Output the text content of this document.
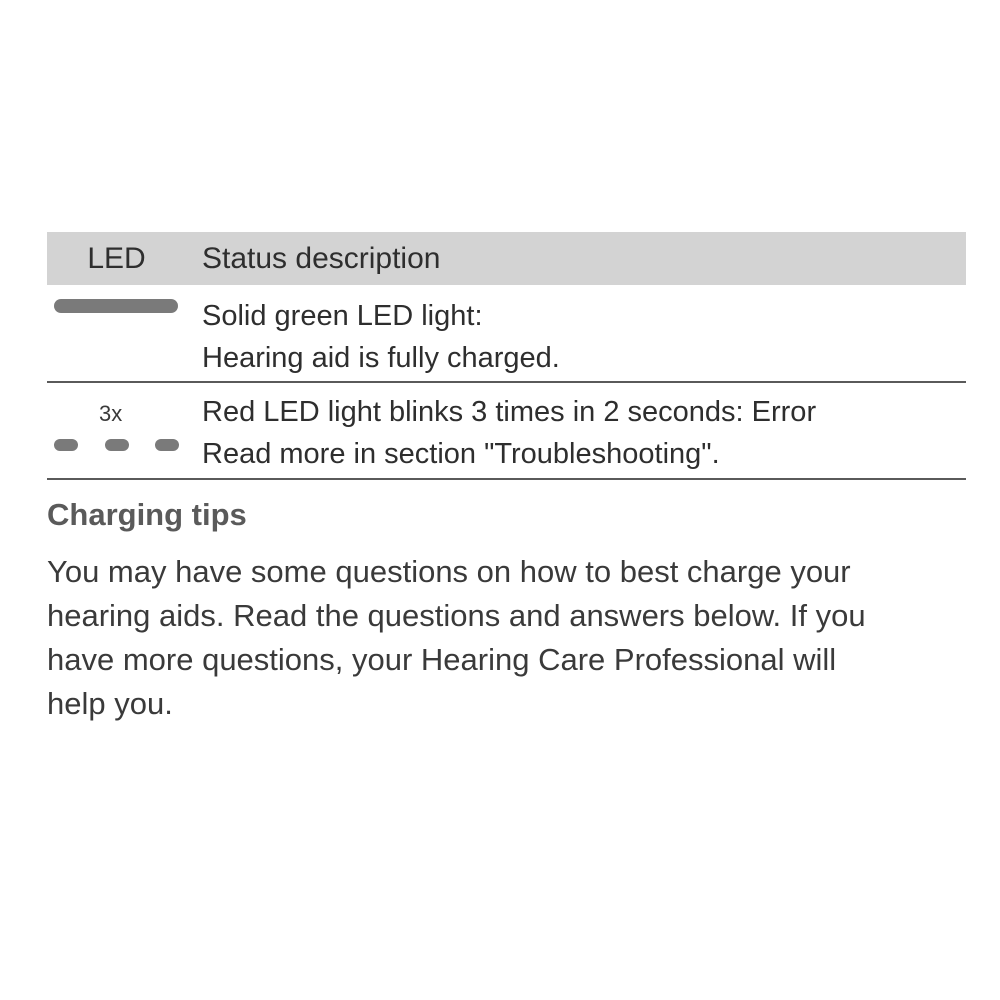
LED	Status description
Solid green LED light:
Hearing aid is fully charged.
3x	Red LED light blinks 3 times in 2 seconds: Error
Read more in section "Troubleshooting".
Charging tips

You may have some questions on how to best charge your
hearing aids. Read the questions and answers below. If you
have more questions, your Hearing Care Professional will
help you.
